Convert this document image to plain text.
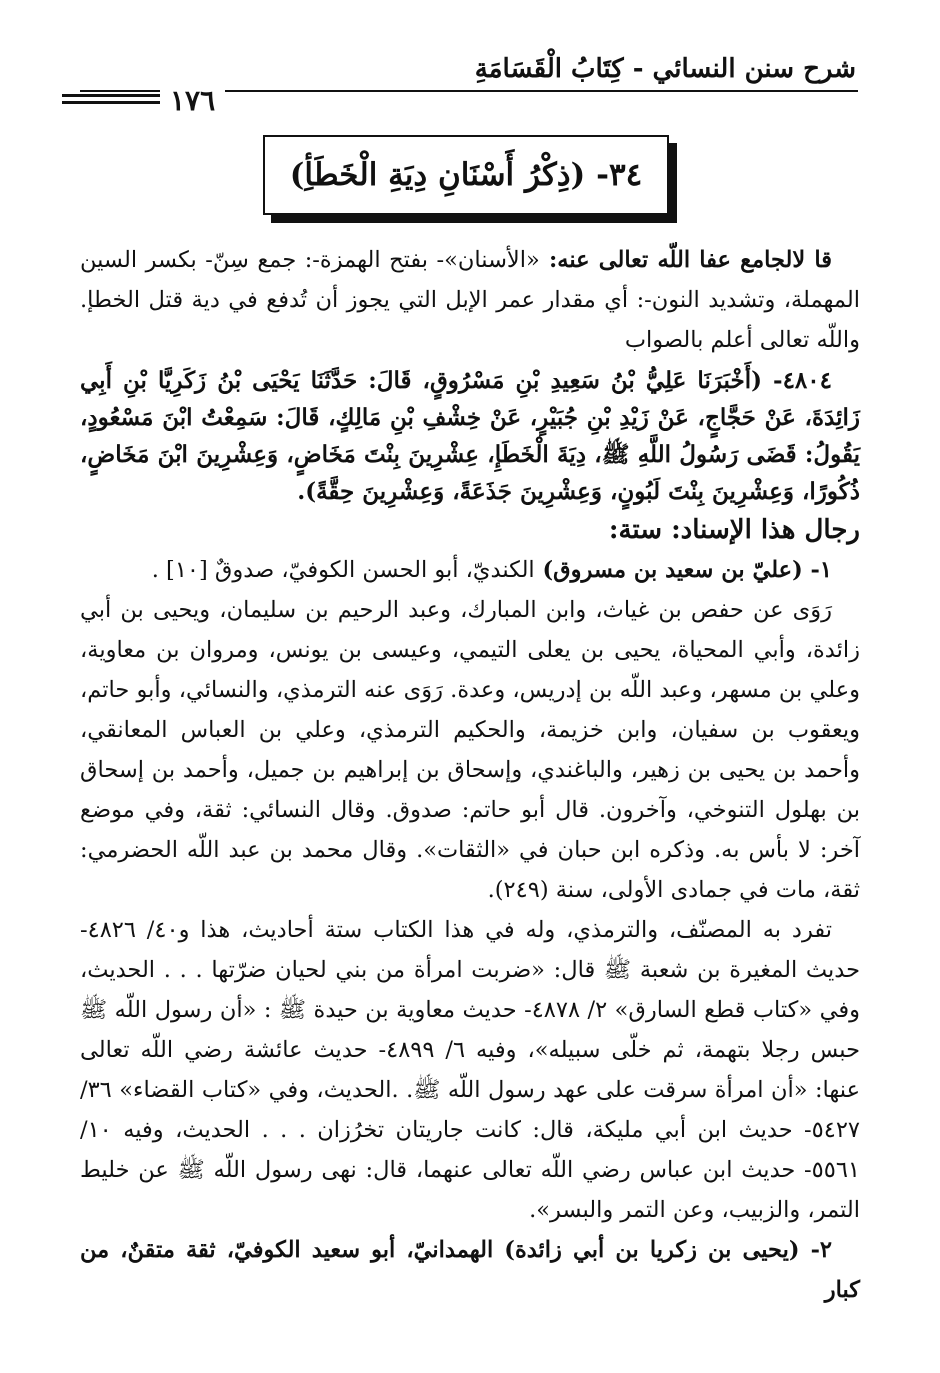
شرح سنن النسائي - كِتَابُ الْقَسَامَةِ
١٧٦
٣٤- (ذِكْرُ أَسْنَانِ دِيَةِ الْخَطَأِ)

قا لالجامع عفا اللّه تعالى عنه: «الأسنان»- بفتح الهمزة-: جمع سِنّ- بكسر السين المهملة، وتشديد النون-: أي مقدار عمر الإبل التي يجوز أن تُدفع في دية قتل الخطإ. واللّه تعالى أعلم بالصواب

٤٨٠٤- (أَخْبَرَنَا عَلِيُّ بْنُ سَعِيدِ بْنِ مَسْرُوقٍ، قَالَ: حَدَّثَنَا يَحْيَى بْنُ زَكَرِيَّا بْنِ أَبِي زَائِدَةَ، عَنْ حَجَّاجٍ، عَنْ زَيْدِ بْنِ جُبَيْرٍ، عَنْ خِشْفِ بْنِ مَالِكٍ، قَالَ: سَمِعْتُ ابْنَ مَسْعُودٍ، يَقُولُ: قَضَى رَسُولُ اللَّهِ ﷺ، دِيَةَ الْخَطَإِ، عِشْرِينَ بِنْتَ مَخَاضٍ، وَعِشْرِينَ ابْنَ مَخَاضٍ، ذُكُورًا، وَعِشْرِينَ بِنْتَ لَبُونٍ، وَعِشْرِينَ جَذَعَةً، وَعِشْرِينَ حِقَّةً).

رجال هذا الإسناد: ستة:

١- (عليّ بن سعيد بن مسروق) الكنديّ، أبو الحسن الكوفيّ، صدوقٌ [١٠] .

رَوَى عن حفص بن غياث، وابن المبارك، وعبد الرحيم بن سليمان، ويحيى بن أبي زائدة، وأبي المحياة، يحيى بن يعلى التيمي، وعيسى بن يونس، ومروان بن معاوية، وعلي بن مسهر، وعبد اللّه بن إدريس، وعدة. رَوَى عنه الترمذي، والنسائي، وأبو حاتم، ويعقوب بن سفيان، وابن خزيمة، والحكيم الترمذي، وعلي بن العباس المعانقي، وأحمد بن يحيى بن زهير، والباغندي، وإسحاق بن إبراهيم بن جميل، وأحمد بن إسحاق بن بهلول التنوخي، وآخرون. قال أبو حاتم: صدوق. وقال النسائي: ثقة، وفي موضع آخر: لا بأس به. وذكره ابن حبان في «الثقات». وقال محمد بن عبد اللّه الحضرمي: ثقة، مات في جمادى الأولى، سنة (٢٤٩).

تفرد به المصنّف، والترمذي، وله في هذا الكتاب ستة أحاديث، هذا و٤٠/ ٤٨٢٦- حديث المغيرة بن شعبة ﷺ قال: «ضربت امرأة من بني لحيان ضرّتها . . . الحديث، وفي «كتاب قطع السارق» ٢/ ٤٨٧٨- حديث معاوية بن حيدة ﷺ : «أن رسول اللّه ﷺ حبس رجلا بتهمة، ثم خلّى سبيله»، وفيه ٦/ ٤٨٩٩- حديث عائشة رضي اللّه تعالى عنها: «أن امرأة سرقت على عهد رسول اللّه ﷺ. .الحديث، وفي «كتاب القضاء» ٣٦/ ٥٤٢٧- حديث ابن أبي مليكة، قال: كانت جاريتان تخرُزان . . . الحديث، وفيه ١٠/ ٥٥٦١- حديث ابن عباس رضي اللّه تعالى عنهما، قال: نهى رسول اللّه ﷺ عن خليط التمر، والزبيب، وعن التمر والبسر».

٢- (يحيى بن زكريا بن أبي زائدة) الهمدانيّ، أبو سعيد الكوفيّ، ثقة متقنٌ، من كبار
